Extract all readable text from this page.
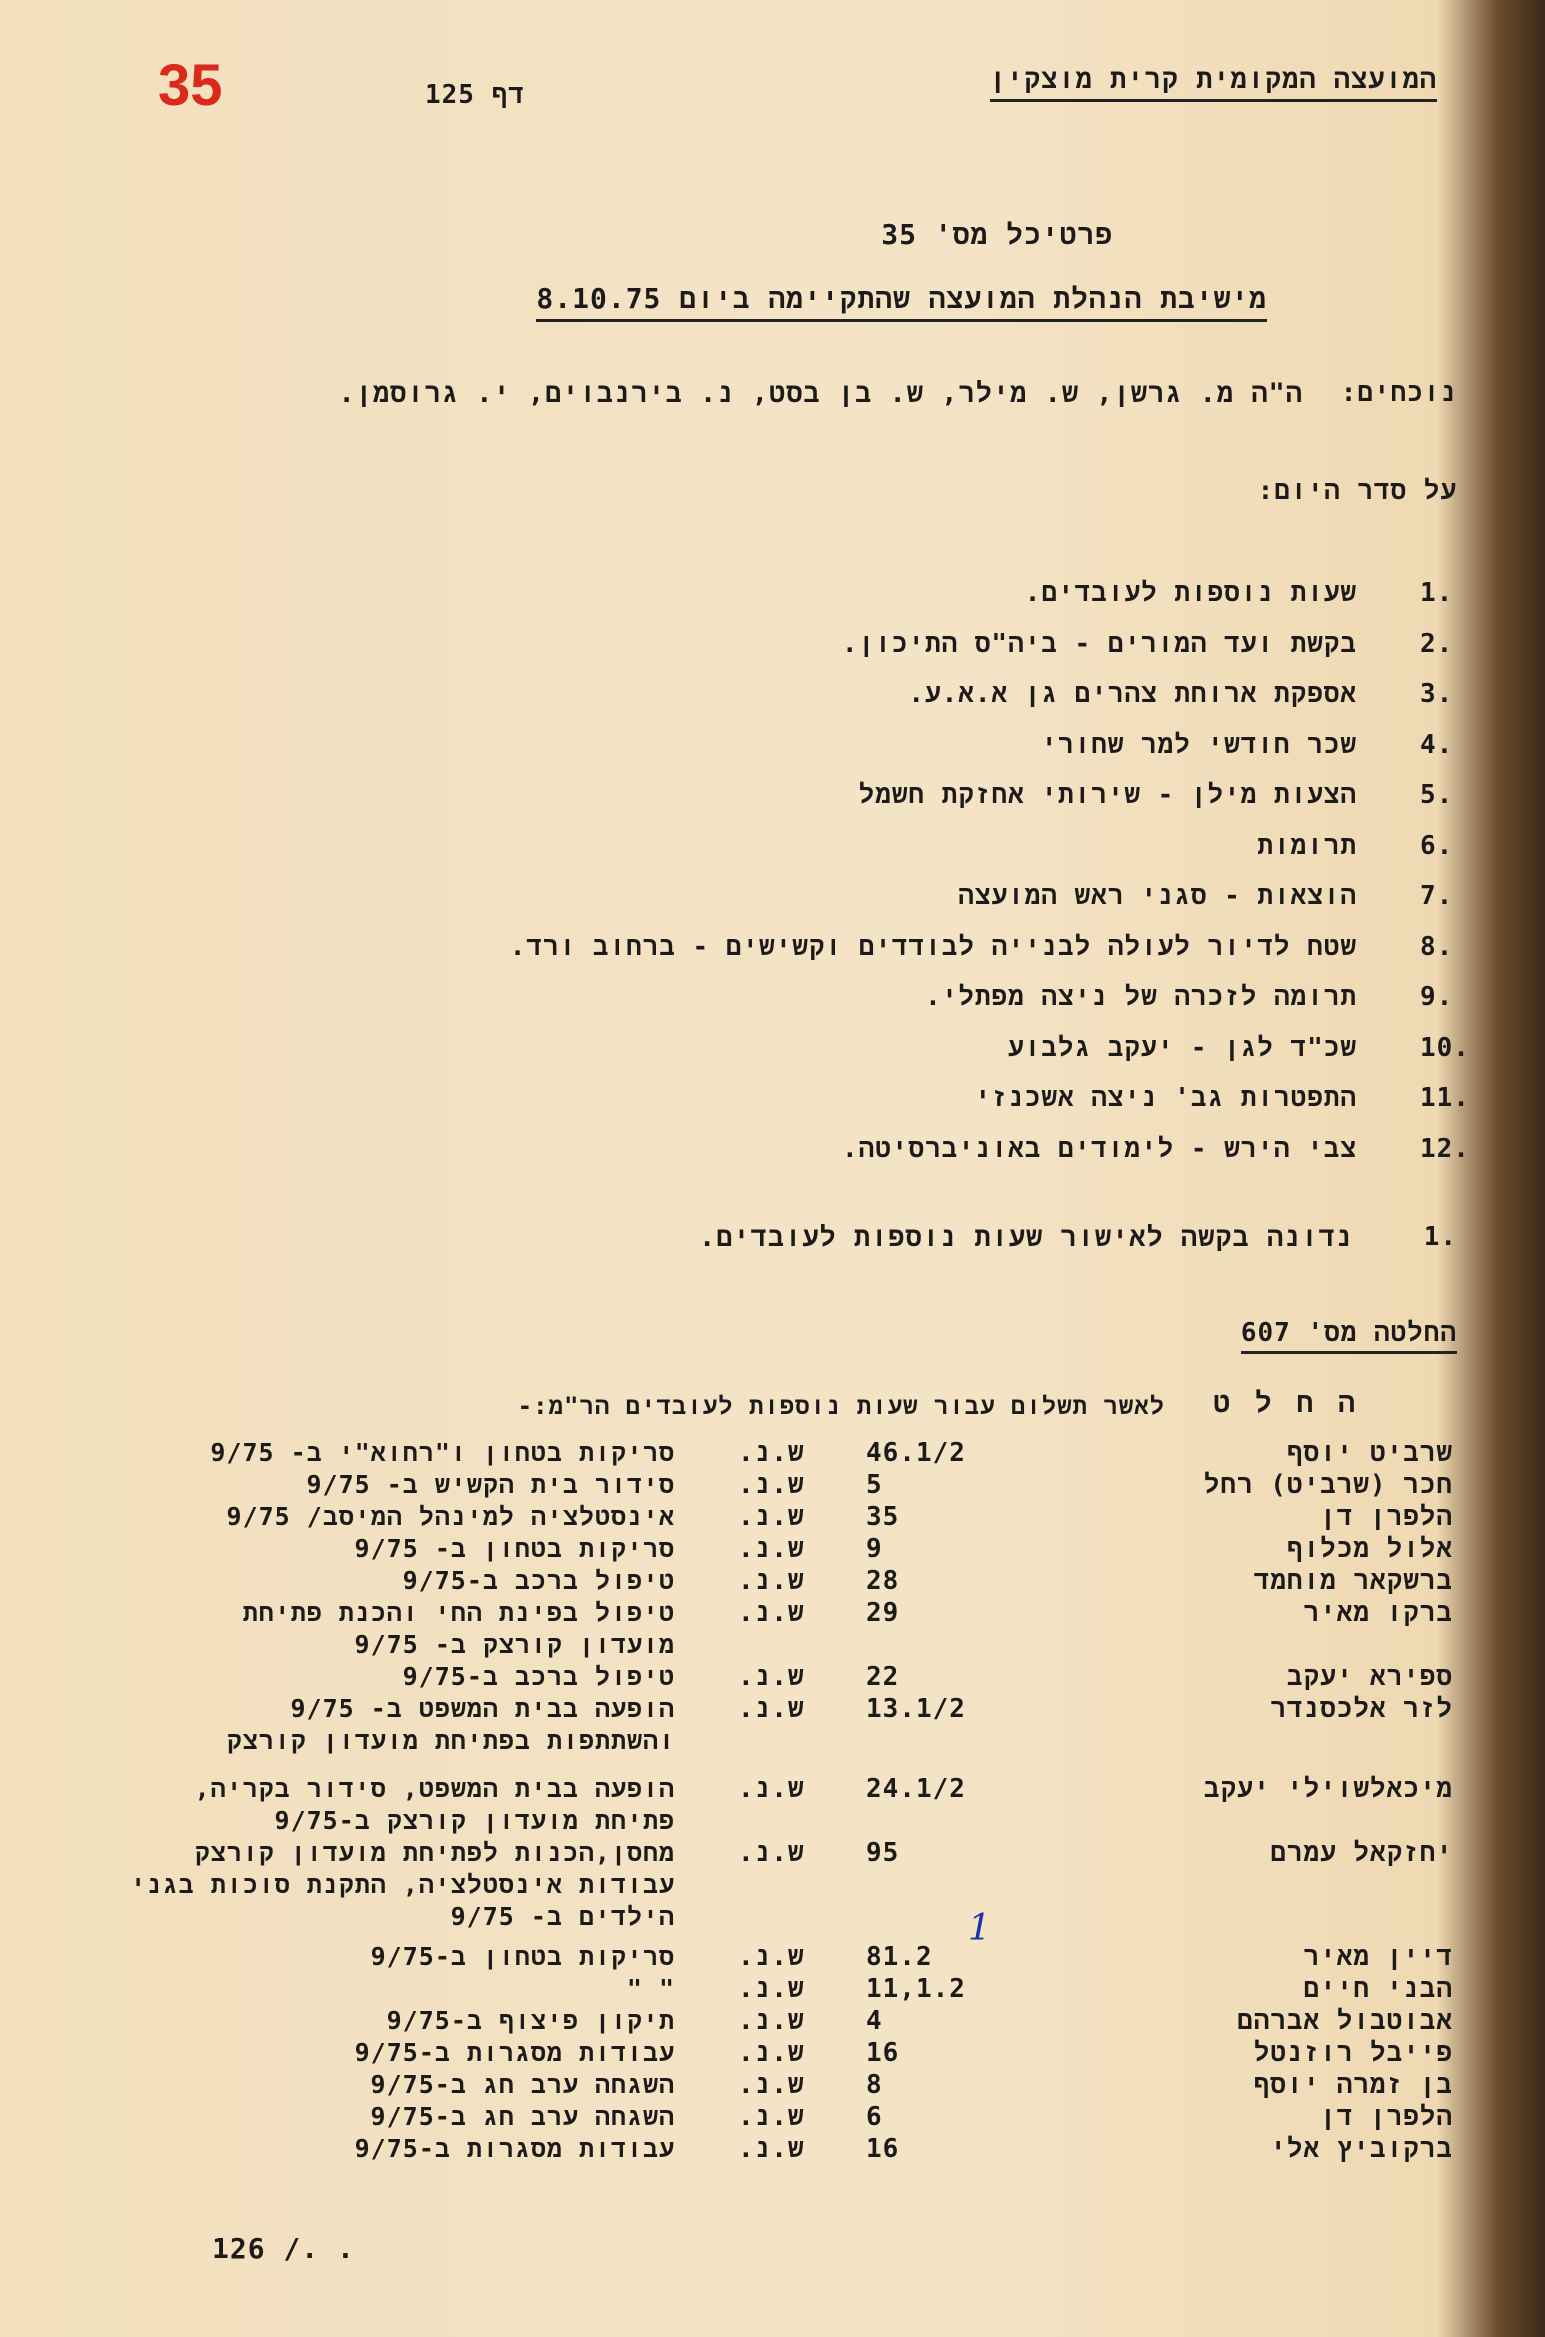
35	דף 125	המועצה המקומית קרית מוצקין
פרטיכל מס' 35
מישיבת הנהלת המועצה שהתקיימה ביום 8.10.75
נוכחים:
ה"ה מ. גרשן, ש. מילר, ש. בן בסט, נ. בירנבוים, י. גרוסמן.
על סדר היום:
1.
שעות נוספות לעובדים.
2.
בקשת ועד המורים - ביה"ס התיכון.
3.
אספקת ארוחת צהרים גן א.א.ע.
4.
שכר חודשי למר שחורי
5.
הצעות מילן - שירותי אחזקת חשמל
6.
תרומות
7.
הוצאות - סגני ראש המועצה
8.
שטח לדיור לעולה לבנייה לבודדים וקשישים - ברחוב ורד.
9.
תרומה לזכרה של ניצה מפתלי.
10.
שכ"ד לגן - יעקב גלבוע
11.
התפטרות גב' ניצה אשכנזי
12.
צבי הירש - לימודים באוניברסיטה.
1.
נדונה בקשה לאישור שעות נוספות לעובדים.
החלטה מס' 607
ה ח ל ט
לאשר תשלום עבור שעות נוספות לעובדים הר"מ:-
שרביט יוסף
46.1/2
ש.נ.
סריקות בטחון ו"רחוא"י ב- 9/75
חכר (שרביט) רחל
5
ש.נ.
סידור בית הקשיש ב- 9/75
הלפרן דן
35
ש.נ.
אינסטלציה למינהל המיסב/ 9/75
אלול מכלוף
9
ש.נ.
סריקות בטחון ב- 9/75
ברשקאר מוחמד
28
ש.נ.
טיפול ברכב ב-9/75
ברקו מאיר
29
ש.נ.
טיפול בפינת החי והכנת פתיחת
מועדון קורצק ב- 9/75
ספירא יעקב
22
ש.נ.
טיפול ברכב ב-9/75
לזר אלכסנדר
13.1/2
ש.נ.
הופעה בבית המשפט ב- 9/75
והשתתפות בפתיחת מועדון קורצק
מיכאלשוילי יעקב
24.1/2
ש.נ.
הופעה בבית המשפט, סידור בקריה,
פתיחת מועדון קורצק ב-9/75
יחזקאל עמרם
95
ש.נ.
מחסן,הכנות לפתיחת מועדון קורצק
עבודות אינסטלציה, התקנת סוכות בגני
הילדים ב- 9/75
דיין מאיר
81.2
1
ש.נ.
סריקות בטחון ב-9/75
הבני חיים
11,1.2
ש.נ.
" "
אבוטבול אברהם
4
ש.נ.
תיקון פיצוף ב-9/75
פייבל רוזנטל
16
ש.נ.
עבודות מסגרות ב-9/75
בן זמרה יוסף
8
ש.נ.
השגחה ערב חג ב-9/75
הלפרן דן
6
ש.נ.
השגחה ערב חג ב-9/75
ברקוביץ אלי
16
ש.נ.
עבודות מסגרות ב-9/75
126 /. .
